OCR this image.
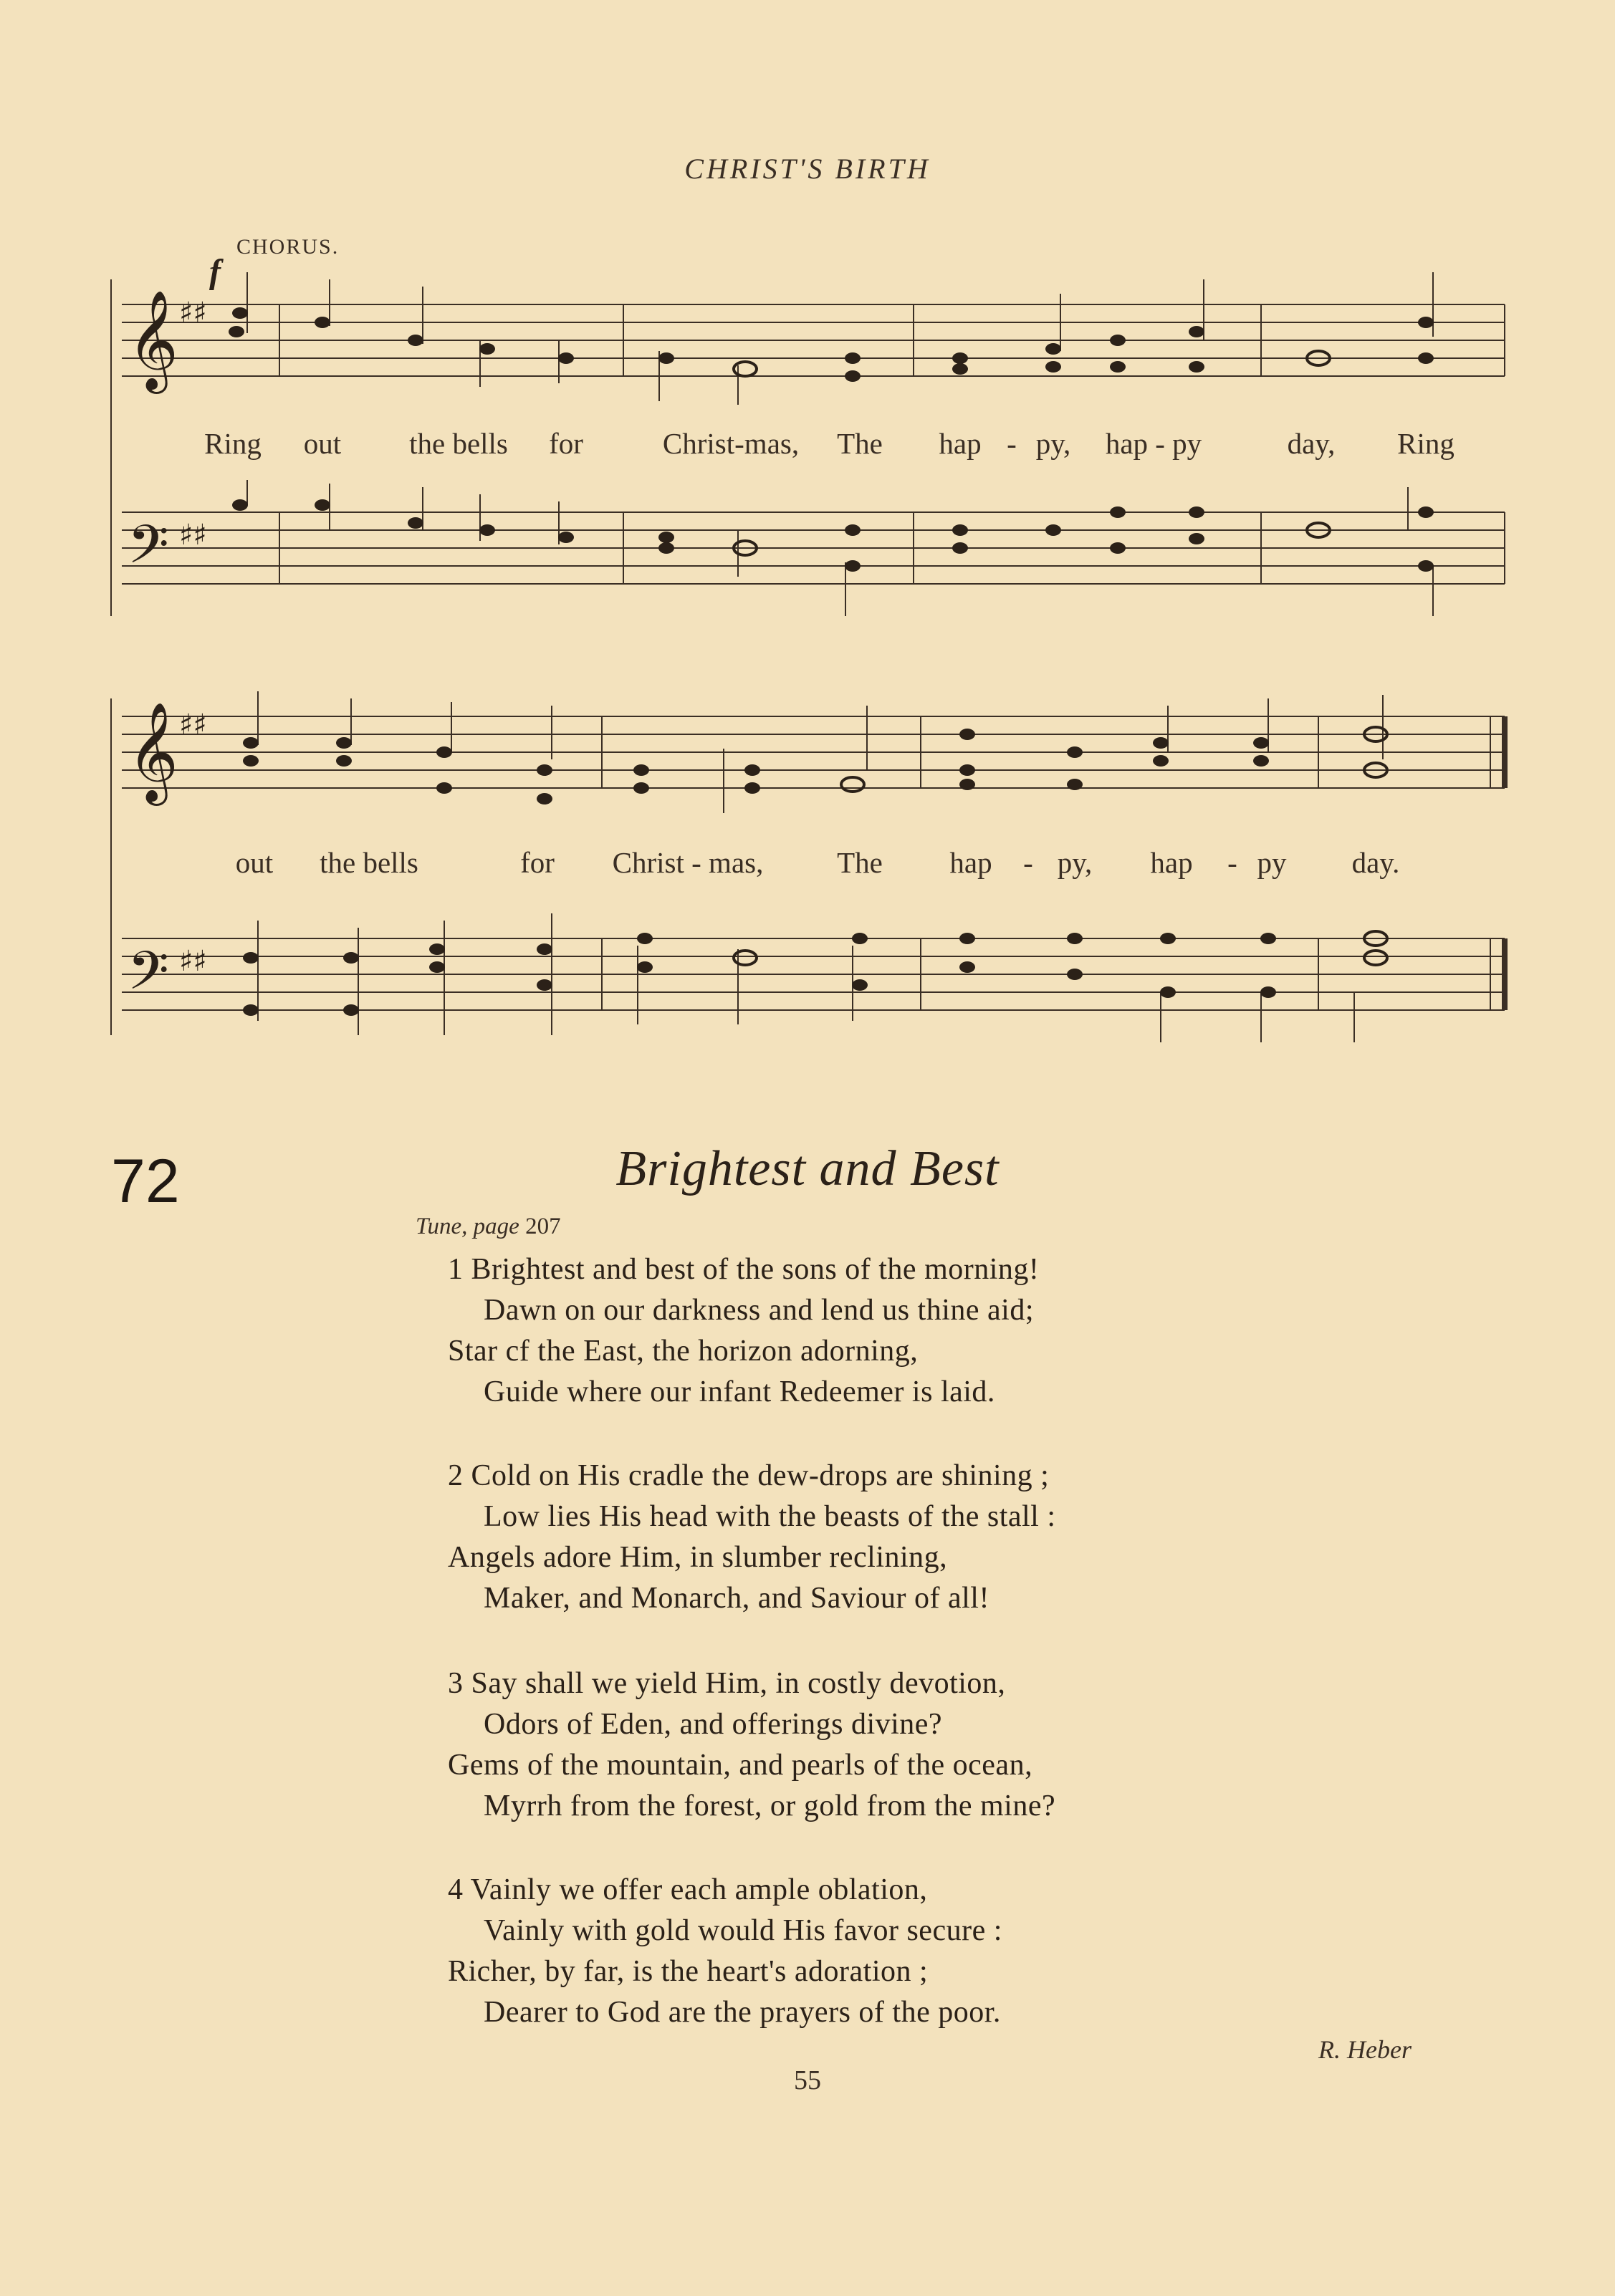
CHRIST'S BIRTH
CHORUS.
𝄞
𝄢
♯♯
♯♯
f
Ring out the bells for	Christ-mas, The hap - py, hap - py	day, Ring
𝄞
𝄢
♯♯
♯♯
out the bells	for Christ - mas,	The hap - py, hap - py day.
72	Brightest and Best
Tune, page 207
1 Brightest and best of the sons of the morning!
Dawn on our darkness and lend us thine aid;
Star cf the East, the horizon adorning,
Guide where our infant Redeemer is laid.
2 Cold on His cradle the dew-drops are shining ;
Low lies His head with the beasts of the stall :
Angels adore Him, in slumber reclining,
Maker, and Monarch, and Saviour of all!
3 Say shall we yield Him, in costly devotion,
Odors of Eden, and offerings divine?
Gems of the mountain, and pearls of the ocean,
Myrrh from the forest, or gold from the mine?
4 Vainly we offer each ample oblation,
Vainly with gold would His favor secure :
Richer, by far, is the heart's adoration ;
Dearer to God are the prayers of the poor.
R. Heber
55
